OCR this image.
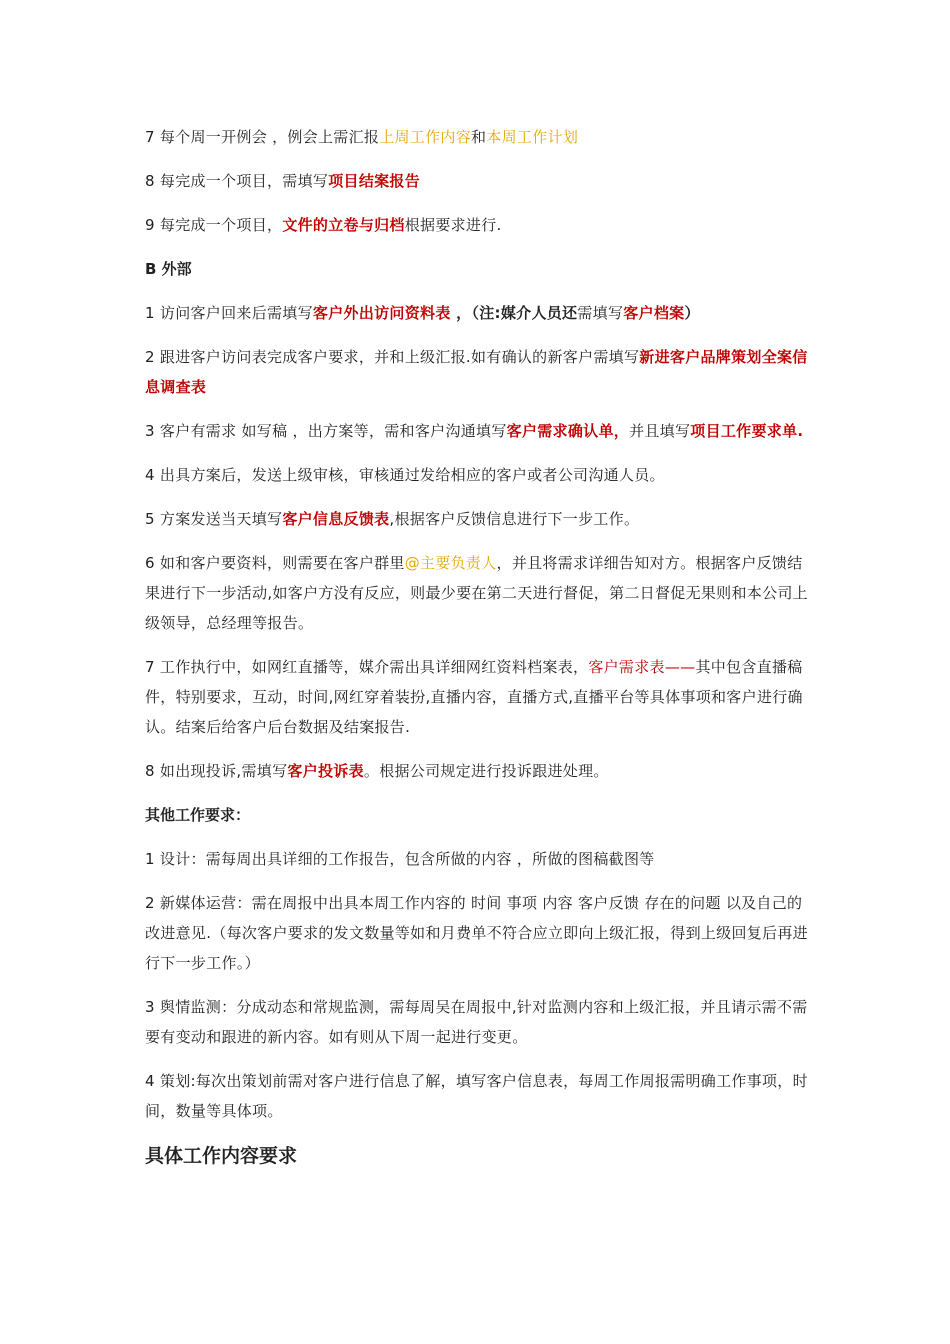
7 每个周一开例会 ，例会上需汇报上周工作内容和本周工作计划

8 每完成一个项目，需填写项目结案报告

9 每完成一个项目，文件的立卷与归档根据要求进行.

B 外部

1 访问客户回来后需填写客户外出访问资料表 ，（注:媒介人员还需填写客户档案）

2 跟进客户访问表完成客户要求，并和上级汇报.如有确认的新客户需填写新进客户品牌策划全案信息调查表

3 客户有需求 如写稿 ，出方案等，需和客户沟通填写客户需求确认单，并且填写项目工作要求单.

4 出具方案后，发送上级审核，审核通过发给相应的客户或者公司沟通人员。

5 方案发送当天填写客户信息反馈表,根据客户反馈信息进行下一步工作。

6 如和客户要资料，则需要在客户群里@主要负责人，并且将需求详细告知对方。根据客户反馈结果进行下一步活动,如客户方没有反应，则最少要在第二天进行督促，第二日督促无果则和本公司上级领导，总经理等报告。

7 工作执行中，如网红直播等，媒介需出具详细网红资料档案表，客户需求表——其中包含直播稿件，特别要求，互动，时间,网红穿着装扮,直播内容，直播方式,直播平台等具体事项和客户进行确认。结案后给客户后台数据及结案报告.

8 如出现投诉,需填写客户投诉表。根据公司规定进行投诉跟进处理。

其他工作要求：

1 设计：需每周出具详细的工作报告，包含所做的内容 ，所做的图稿截图等

2 新媒体运营：需在周报中出具本周工作内容的 时间 事项 内容 客户反馈 存在的问题 以及自己的改进意见.（每次客户要求的发文数量等如和月费单不符合应立即向上级汇报，得到上级回复后再进行下一步工作。）

3 舆情监测：分成动态和常规监测，需每周吴在周报中,针对监测内容和上级汇报，并且请示需不需要有变动和跟进的新内容。如有则从下周一起进行变更。

4 策划:每次出策划前需对客户进行信息了解，填写客户信息表，每周工作周报需明确工作事项，时间，数量等具体项。

具体工作内容要求
